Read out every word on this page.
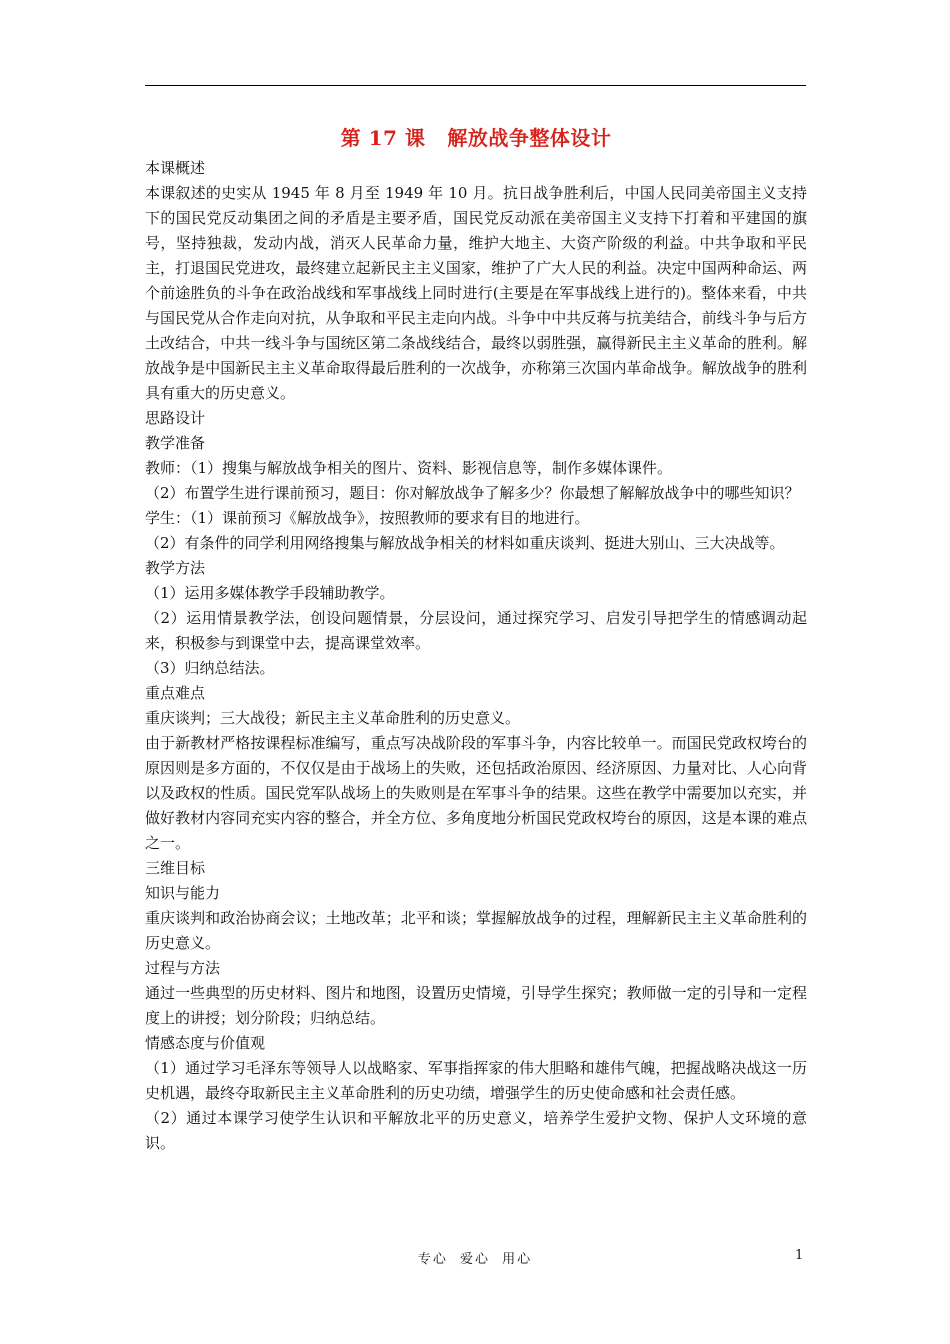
第 17 课 解放战争整体设计

本课概述

本课叙述的史实从 1945 年 8 月至 1949 年 10 月。抗日战争胜利后，中国人民同美帝国主义支持下的国民党反动集团之间的矛盾是主要矛盾，国民党反动派在美帝国主义支持下打着和平建国的旗号，坚持独裁，发动内战，消灭人民革命力量，维护大地主、大资产阶级的利益。中共争取和平民主，打退国民党进攻，最终建立起新民主主义国家，维护了广大人民的利益。决定中国两种命运、两个前途胜负的斗争在政治战线和军事战线上同时进行(主要是在军事战线上进行的)。整体来看，中共与国民党从合作走向对抗，从争取和平民主走向内战。斗争中中共反蒋与抗美结合，前线斗争与后方土改结合，中共一线斗争与国统区第二条战线结合，最终以弱胜强，赢得新民主主义革命的胜利。解放战争是中国新民主主义革命取得最后胜利的一次战争，亦称第三次国内革命战争。解放战争的胜利具有重大的历史意义。

思路设计

教学准备

教师：（1）搜集与解放战争相关的图片、资料、影视信息等，制作多媒体课件。

（2）布置学生进行课前预习，题目：你对解放战争了解多少？你最想了解解放战争中的哪些知识？

学生：（1）课前预习《解放战争》，按照教师的要求有目的地进行。

（2）有条件的同学利用网络搜集与解放战争相关的材料如重庆谈判、挺进大别山、三大决战等。

教学方法

（1）运用多媒体教学手段辅助教学。

（2）运用情景教学法，创设问题情景，分层设问，通过探究学习、启发引导把学生的情感调动起来，积极参与到课堂中去，提高课堂效率。

（3）归纳总结法。

重点难点

重庆谈判；三大战役；新民主主义革命胜利的历史意义。

由于新教材严格按课程标准编写，重点写决战阶段的军事斗争，内容比较单一。而国民党政权垮台的原因则是多方面的，不仅仅是由于战场上的失败，还包括政治原因、经济原因、力量对比、人心向背以及政权的性质。国民党军队战场上的失败则是在军事斗争的结果。这些在教学中需要加以充实，并做好教材内容同充实内容的整合，并全方位、多角度地分析国民党政权垮台的原因，这是本课的难点之一。

三维目标

知识与能力

重庆谈判和政治协商会议；土地改革；北平和谈；掌握解放战争的过程，理解新民主主义革命胜利的历史意义。

过程与方法

通过一些典型的历史材料、图片和地图，设置历史情境，引导学生探究；教师做一定的引导和一定程度上的讲授；划分阶段；归纳总结。

情感态度与价值观

（1）通过学习毛泽东等领导人以战略家、军事指挥家的伟大胆略和雄伟气魄，把握战略决战这一历史机遇，最终夺取新民主主义革命胜利的历史功绩，增强学生的历史使命感和社会责任感。

（2）通过本课学习使学生认识和平解放北平的历史意义，培养学生爱护文物、保护人文环境的意识。

专心 爱心 用心	1
